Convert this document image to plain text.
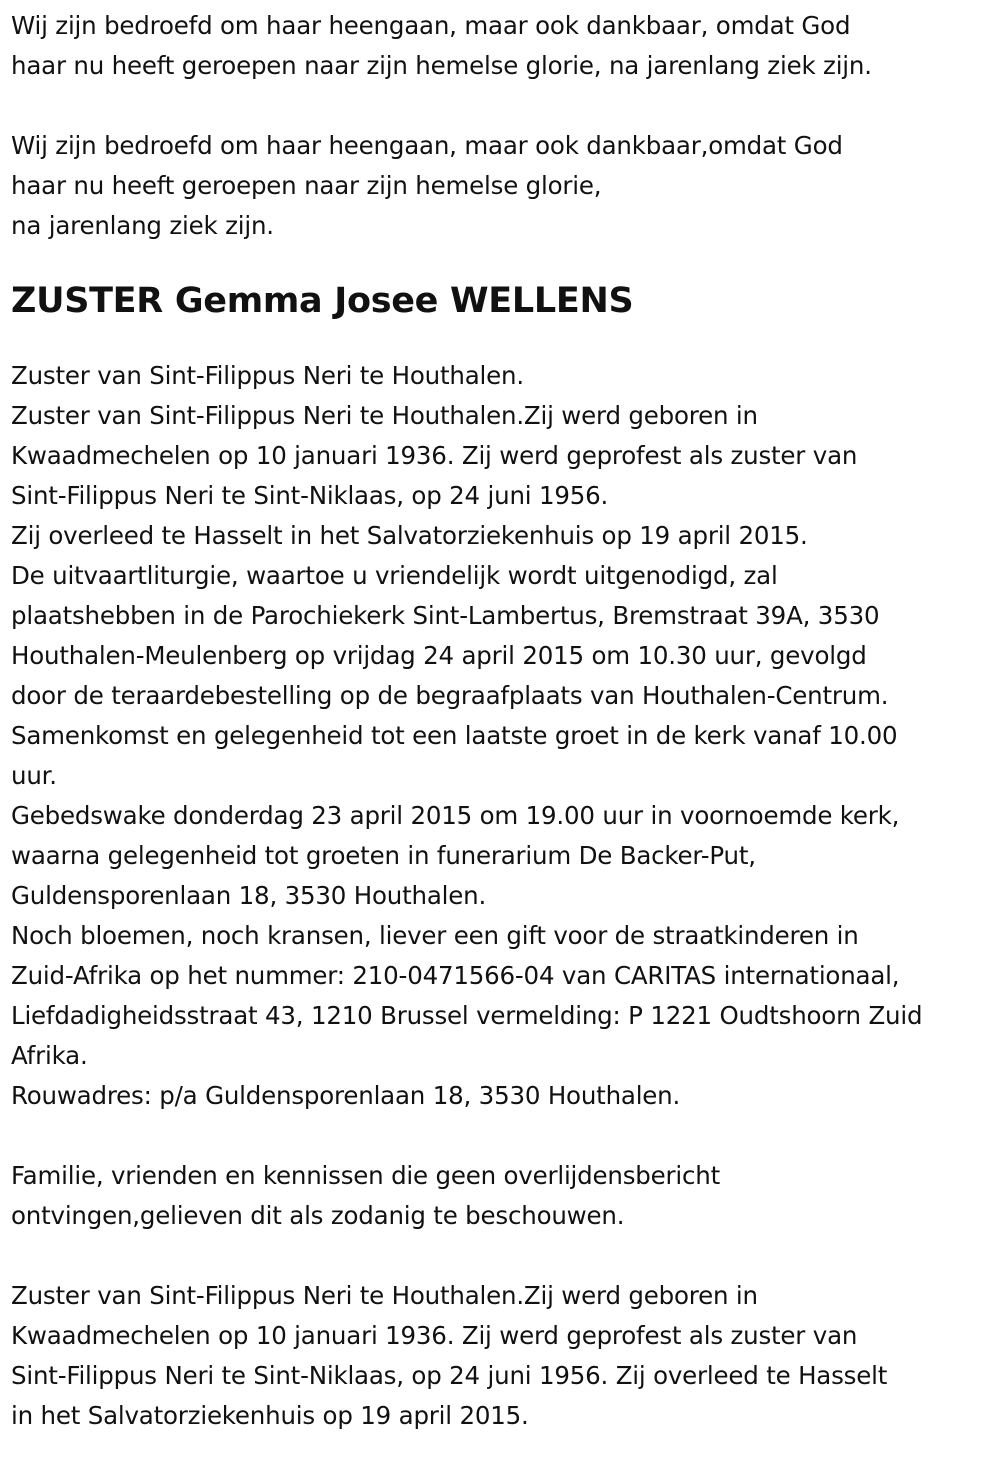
Wij zijn bedroefd om haar heengaan, maar ook dankbaar, omdat God
haar nu heeft geroepen naar zijn hemelse glorie, na jarenlang ziek zijn.
Wij zijn bedroefd om haar heengaan, maar ook dankbaar,omdat God
haar nu heeft geroepen naar zijn hemelse glorie,
na jarenlang ziek zijn.
ZUSTER Gemma Josee WELLENS
Zuster van Sint-Filippus Neri te Houthalen.
Zuster van Sint-Filippus Neri te Houthalen.Zij werd geboren in
Kwaadmechelen op 10 januari 1936. Zij werd geprofest als zuster van
Sint-Filippus Neri te Sint-Niklaas, op 24 juni 1956.
Zij overleed te Hasselt in het Salvatorziekenhuis op 19 april 2015.
De uitvaartliturgie, waartoe u vriendelijk wordt uitgenodigd, zal
plaatshebben in de Parochiekerk Sint-Lambertus, Bremstraat 39A, 3530
Houthalen-Meulenberg op vrijdag 24 april 2015 om 10.30 uur, gevolgd
door de teraardebestelling op de begraafplaats van Houthalen-Centrum.
Samenkomst en gelegenheid tot een laatste groet in de kerk vanaf 10.00
uur.
Gebedswake donderdag 23 april 2015 om 19.00 uur in voornoemde kerk,
waarna gelegenheid tot groeten in funerarium De Backer-Put,
Guldensporenlaan 18, 3530 Houthalen.
Noch bloemen, noch kransen, liever een gift voor de straatkinderen in
Zuid-Afrika op het nummer: 210-0471566-04 van CARITAS internationaal,
Liefdadigheidsstraat 43, 1210 Brussel vermelding: P 1221 Oudtshoorn Zuid
Afrika.
Rouwadres: p/a Guldensporenlaan 18, 3530 Houthalen.
Familie, vrienden en kennissen die geen overlijdensbericht
ontvingen,gelieven dit als zodanig te beschouwen.
Zuster van Sint-Filippus Neri te Houthalen.Zij werd geboren in
Kwaadmechelen op 10 januari 1936. Zij werd geprofest als zuster van
Sint-Filippus Neri te Sint-Niklaas, op 24 juni 1956. Zij overleed te Hasselt
in het Salvatorziekenhuis op 19 april 2015.
